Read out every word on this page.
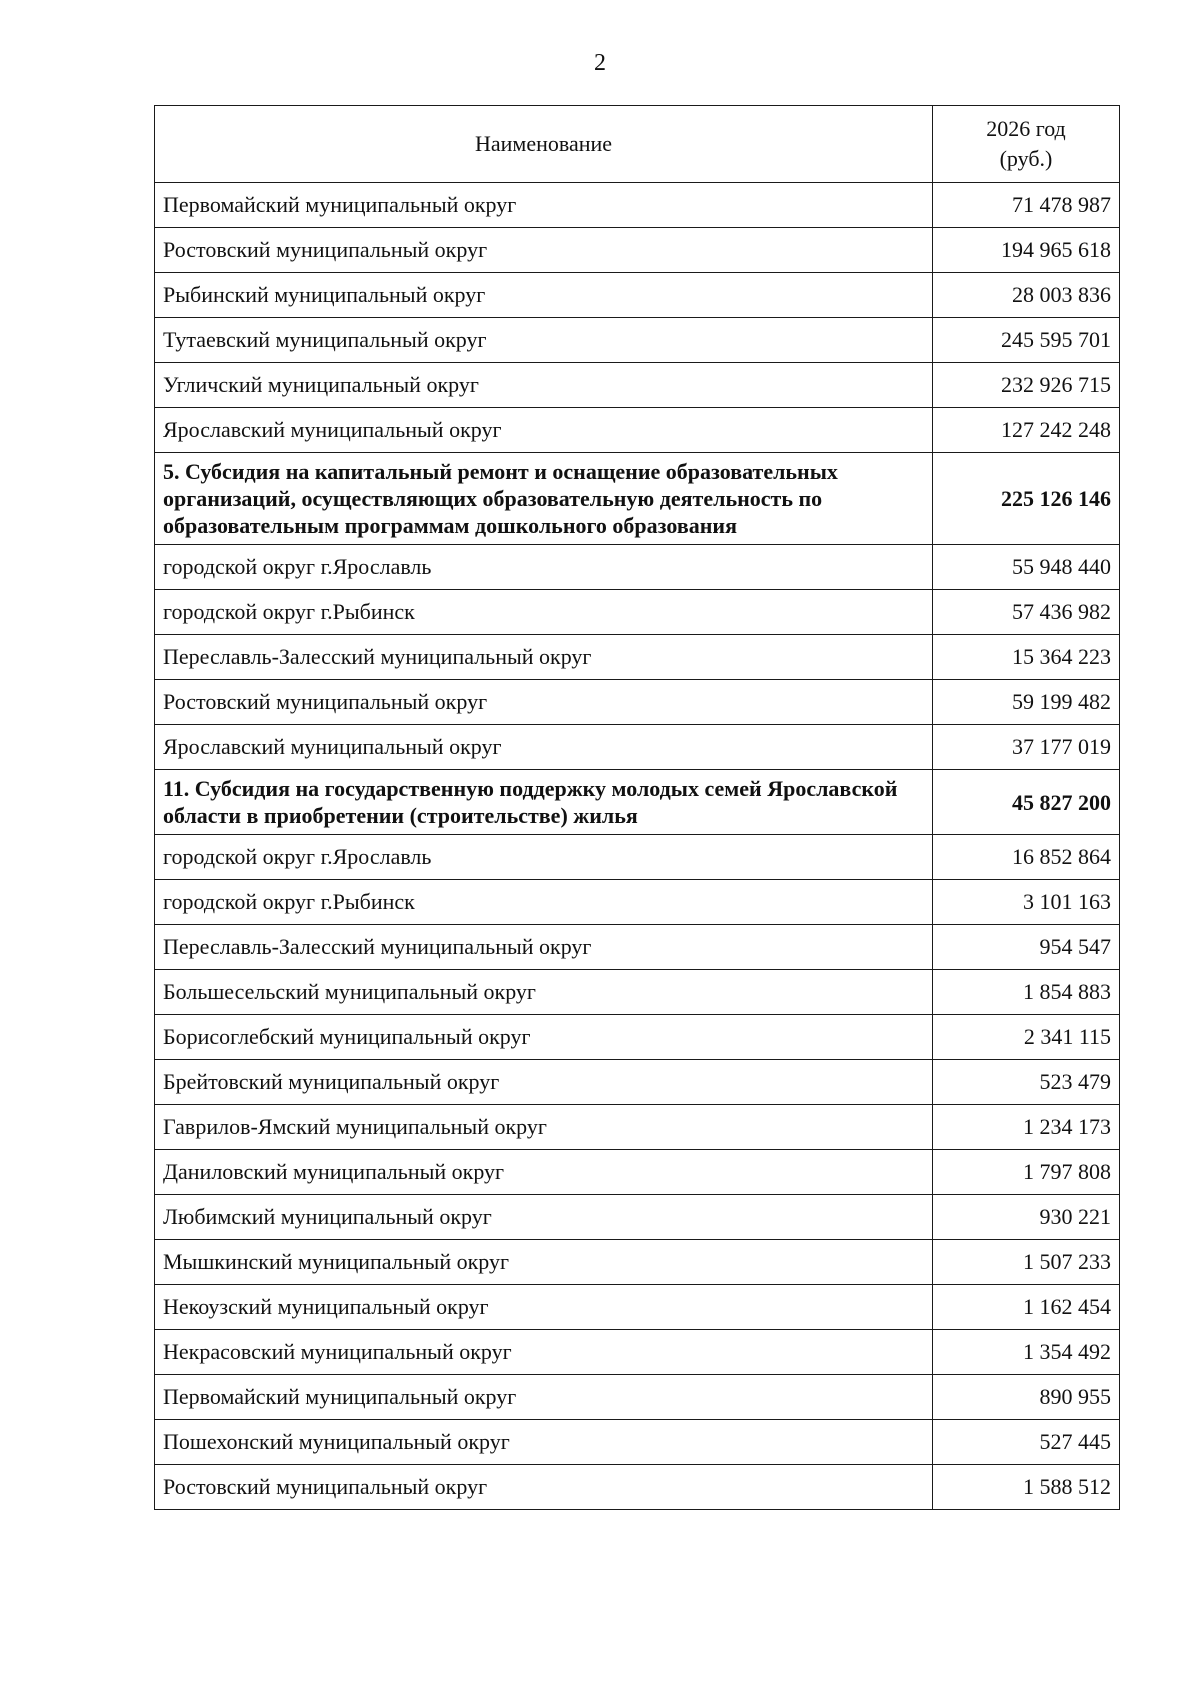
2
Наименование	2026 год
(руб.)
Первомайский муниципальный округ	71 478 987
Ростовский муниципальный округ	194 965 618
Рыбинский муниципальный округ	28 003 836
Тутаевский муниципальный округ	245 595 701
Угличский муниципальный округ	232 926 715
Ярославский муниципальный округ	127 242 248
5. Субсидия на капитальный ремонт и оснащение образовательных организаций, осуществляющих образовательную деятельность по образовательным программам дошкольного образования	225 126 146
городской округ г.Ярославль	55 948 440
городской округ г.Рыбинск	57 436 982
Переславль-Залесский муниципальный округ	15 364 223
Ростовский муниципальный округ	59 199 482
Ярославский муниципальный округ	37 177 019
11. Субсидия на государственную поддержку молодых семей Ярославской области в приобретении (строительстве) жилья	45 827 200
городской округ г.Ярославль	16 852 864
городской округ г.Рыбинск	3 101 163
Переславль-Залесский муниципальный округ	954 547
Большесельский муниципальный округ	1 854 883
Борисоглебский муниципальный округ	2 341 115
Брейтовский муниципальный округ	523 479
Гаврилов-Ямский муниципальный округ	1 234 173
Даниловский муниципальный округ	1 797 808
Любимский муниципальный округ	930 221
Мышкинский муниципальный округ	1 507 233
Некоузский муниципальный округ	1 162 454
Некрасовский муниципальный округ	1 354 492
Первомайский муниципальный округ	890 955
Пошехонский муниципальный округ	527 445
Ростовский муниципальный округ	1 588 512
